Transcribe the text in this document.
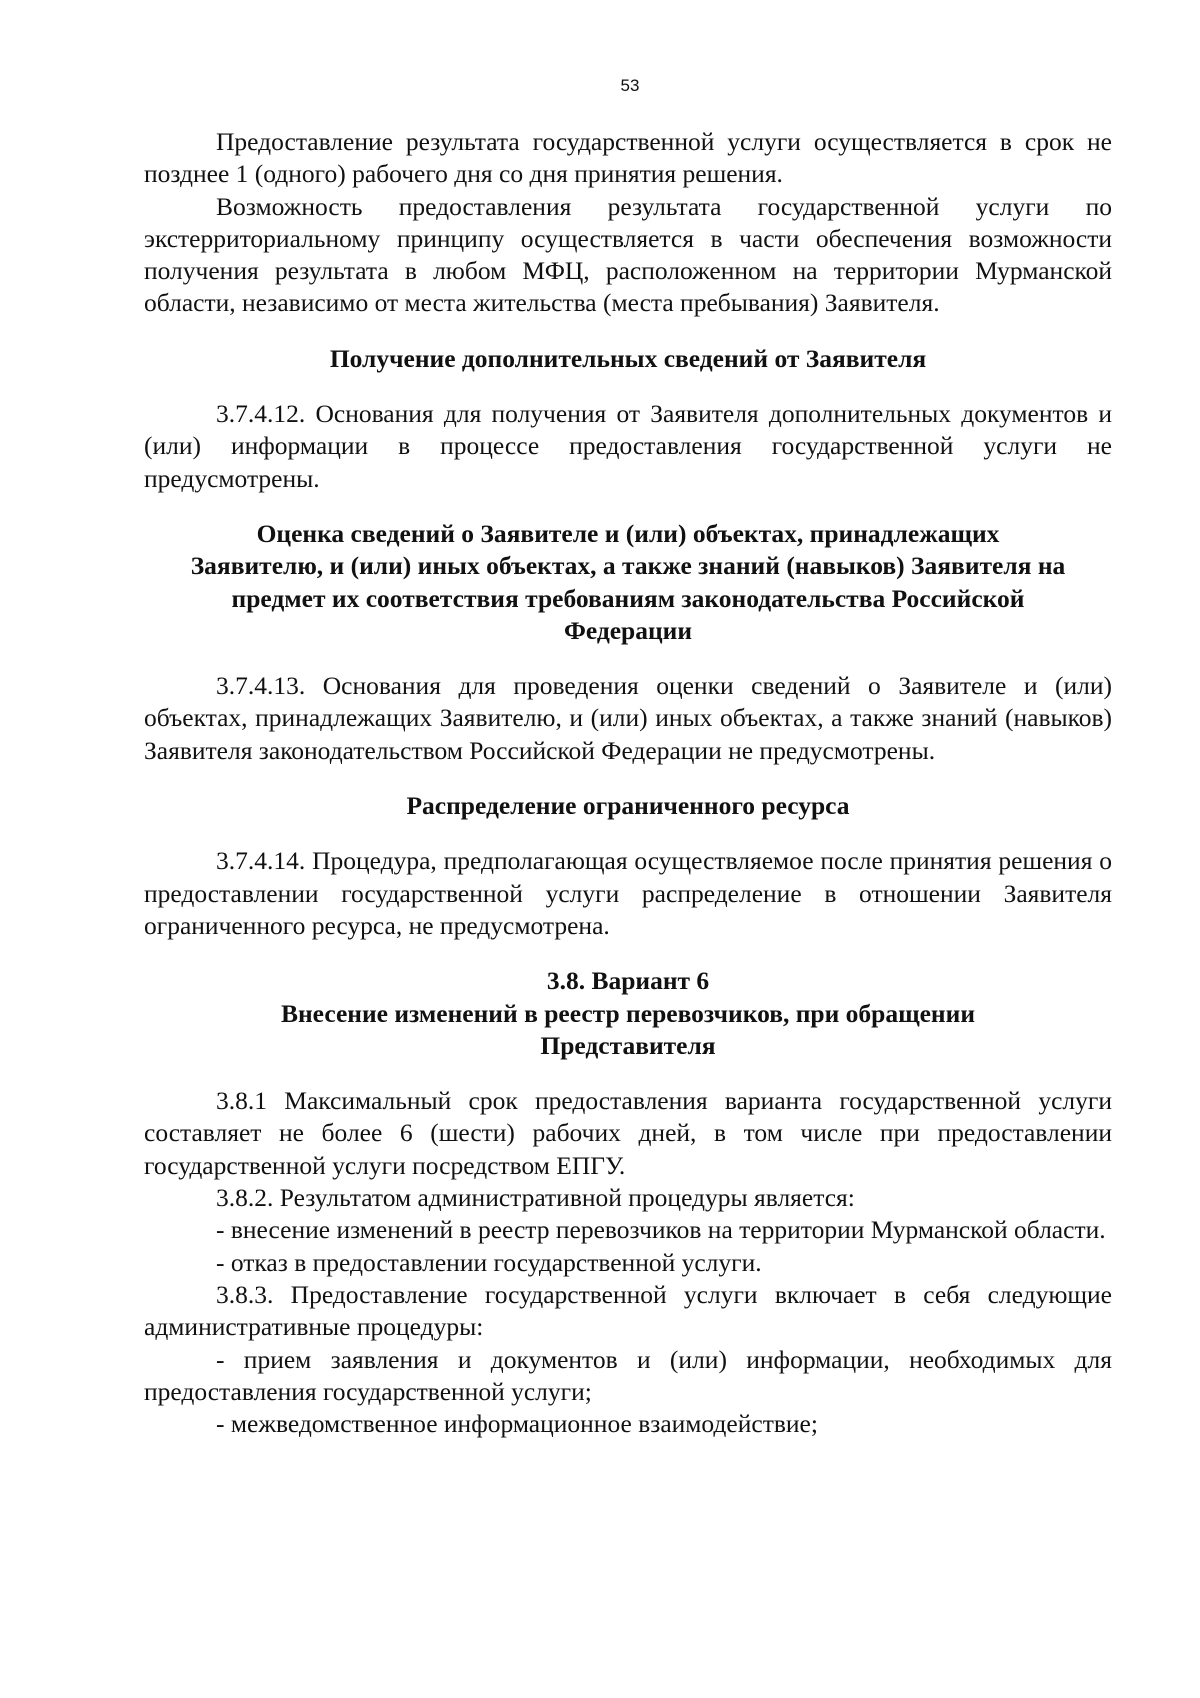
53

Предоставление результата государственной услуги осуществляется в срок не позднее 1 (одного) рабочего дня со дня принятия решения.

Возможность предоставления результата государственной услуги по экстерриториальному принципу осуществляется в части обеспечения возможности получения результата в любом МФЦ, расположенном на территории Мурманской области, независимо от места жительства (места пребывания) Заявителя.

Получение дополнительных сведений от Заявителя

3.7.4.12. Основания для получения от Заявителя дополнительных документов и (или) информации в процессе предоставления государственной услуги не предусмотрены.

Оценка сведений о Заявителе и (или) объектах, принадлежащих

Заявителю, и (или) иных объектах, а также знаний (навыков) Заявителя на

предмет их соответствия требованиям законодательства Российской

Федерации

3.7.4.13. Основания для проведения оценки сведений о Заявителе и (или) объектах, принадлежащих Заявителю, и (или) иных объектах, а также знаний (навыков) Заявителя законодательством Российской Федерации не предусмотрены.

Распределение ограниченного ресурса

3.7.4.14. Процедура, предполагающая осуществляемое после принятия решения о предоставлении государственной услуги распределение в отношении Заявителя ограниченного ресурса, не предусмотрена.

3.8. Вариант 6

Внесение изменений в реестр перевозчиков, при обращении

Представителя

3.8.1 Максимальный срок предоставления варианта государственной услуги составляет не более 6 (шести) рабочих дней, в том числе при предоставлении государственной услуги посредством ЕПГУ.

3.8.2. Результатом административной процедуры является:

- внесение изменений в реестр перевозчиков на территории Мурманской области.

- отказ в предоставлении государственной услуги.

3.8.3. Предоставление государственной услуги включает в себя следующие административные процедуры:

- прием заявления и документов и (или) информации, необходимых для предоставления государственной услуги;

- межведомственное информационное взаимодействие;
